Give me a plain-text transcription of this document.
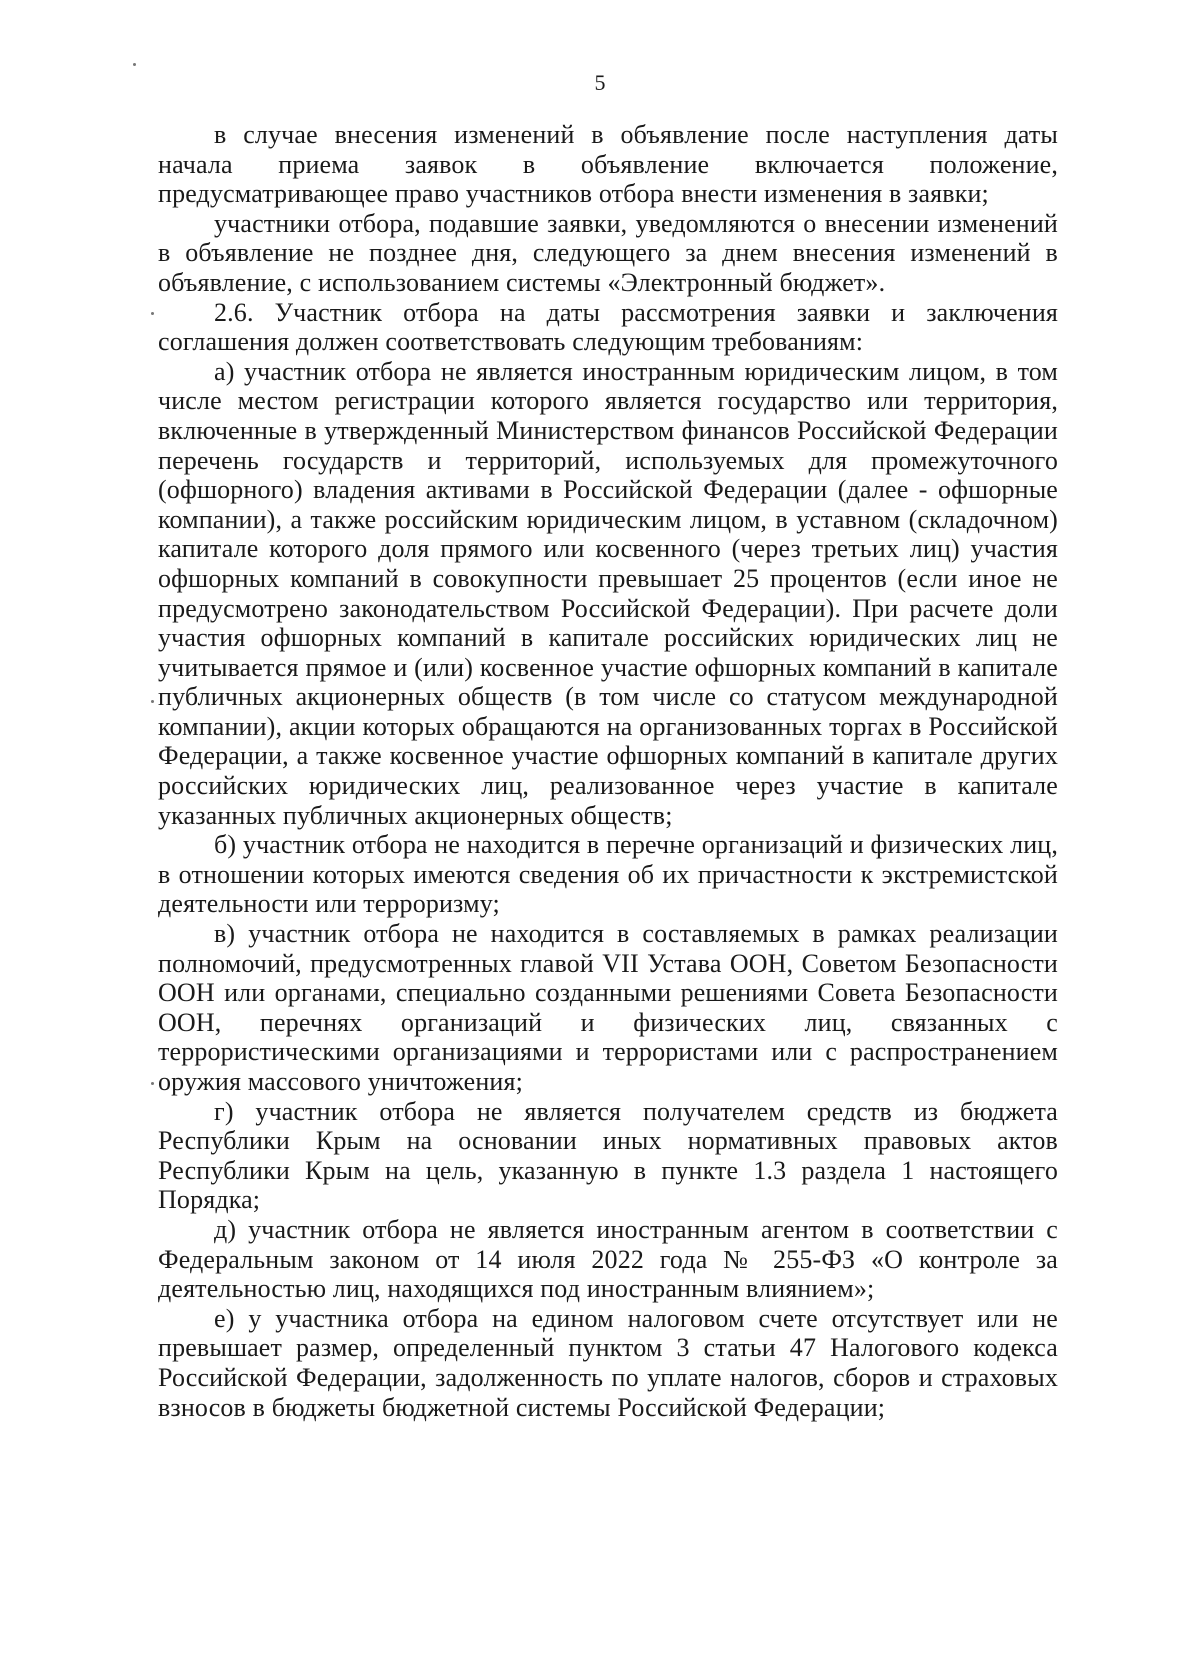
5

в случае внесения изменений в объявление после наступления даты начала приема заявок в объявление включается положение, предусматривающее право участников отбора внести изменения в заявки;

участники отбора, подавшие заявки, уведомляются о внесении изменений в объявление не позднее дня, следующего за днем внесения изменений в объявление, с использованием системы «Электронный бюджет».

2.6. Участник отбора на даты рассмотрения заявки и заключения соглашения должен соответствовать следующим требованиям:

а) участник отбора не является иностранным юридическим лицом, в том числе местом регистрации которого является государство или территория, включенные в утвержденный Министерством финансов Российской Федерации перечень государств и территорий, используемых для промежуточного (офшорного) владения активами в Российской Федерации (далее - офшорные компании), а также российским юридическим лицом, в уставном (складочном) капитале которого доля прямого или косвенного (через третьих лиц) участия офшорных компаний в совокупности превышает 25 процентов (если иное не предусмотрено законодательством Российской Федерации). При расчете доли участия офшорных компаний в капитале российских юридических лиц не учитывается прямое и (или) косвенное участие офшорных компаний в капитале публичных акционерных обществ (в том числе со статусом международной компании), акции которых обращаются на организованных торгах в Российской Федерации, а также косвенное участие офшорных компаний в капитале других российских юридических лиц, реализованное через участие в капитале указанных публичных акционерных обществ;

б) участник отбора не находится в перечне организаций и физических лиц, в отношении которых имеются сведения об их причастности к экстремистской деятельности или терроризму;

в) участник отбора не находится в составляемых в рамках реализации полномочий, предусмотренных главой VII Устава ООН, Советом Безопасности ООН или органами, специально созданными решениями Совета Безопасности ООН, перечнях организаций и физических лиц, связанных с террористическими организациями и террористами или с распространением оружия массового уничтожения;

г) участник отбора не является получателем средств из бюджета Республики Крым на основании иных нормативных правовых актов Республики Крым на цель, указанную в пункте 1.3 раздела 1 настоящего Порядка;

д) участник отбора не является иностранным агентом в соответствии с Федеральным законом от 14 июля 2022 года № 255-ФЗ «О контроле за деятельностью лиц, находящихся под иностранным влиянием»;

е) у участника отбора на едином налоговом счете отсутствует или не превышает размер, определенный пунктом 3 статьи 47 Налогового кодекса Российской Федерации, задолженность по уплате налогов, сборов и страховых взносов в бюджеты бюджетной системы Российской Федерации;
